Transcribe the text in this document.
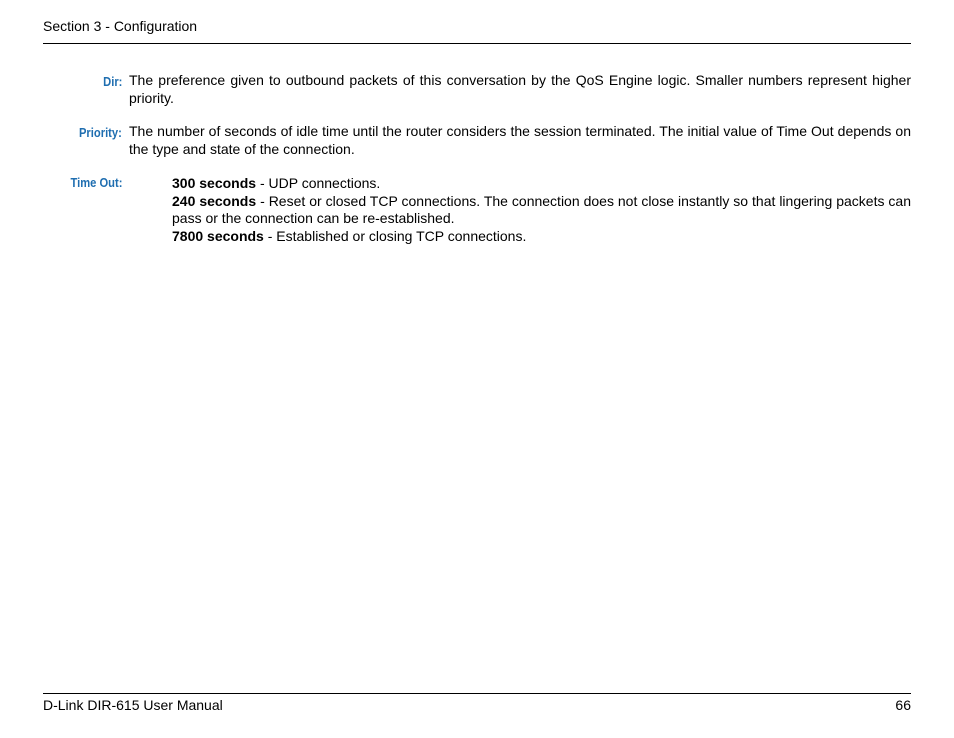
Section 3 - Configuration
Dir: The preference given to outbound packets of this conversation by the QoS Engine logic. Smaller numbers represent higher priority.
Priority: The number of seconds of idle time until the router considers the session terminated. The initial value of Time Out depends on the type and state of the connection.
Time Out:	300 seconds - UDP connections.
240 seconds - Reset or closed TCP connections. The connection does not close instantly so that lingering packets can pass or the connection can be re-established.
7800 seconds - Established or closing TCP connections.
D-Link DIR-615 User Manual	66
